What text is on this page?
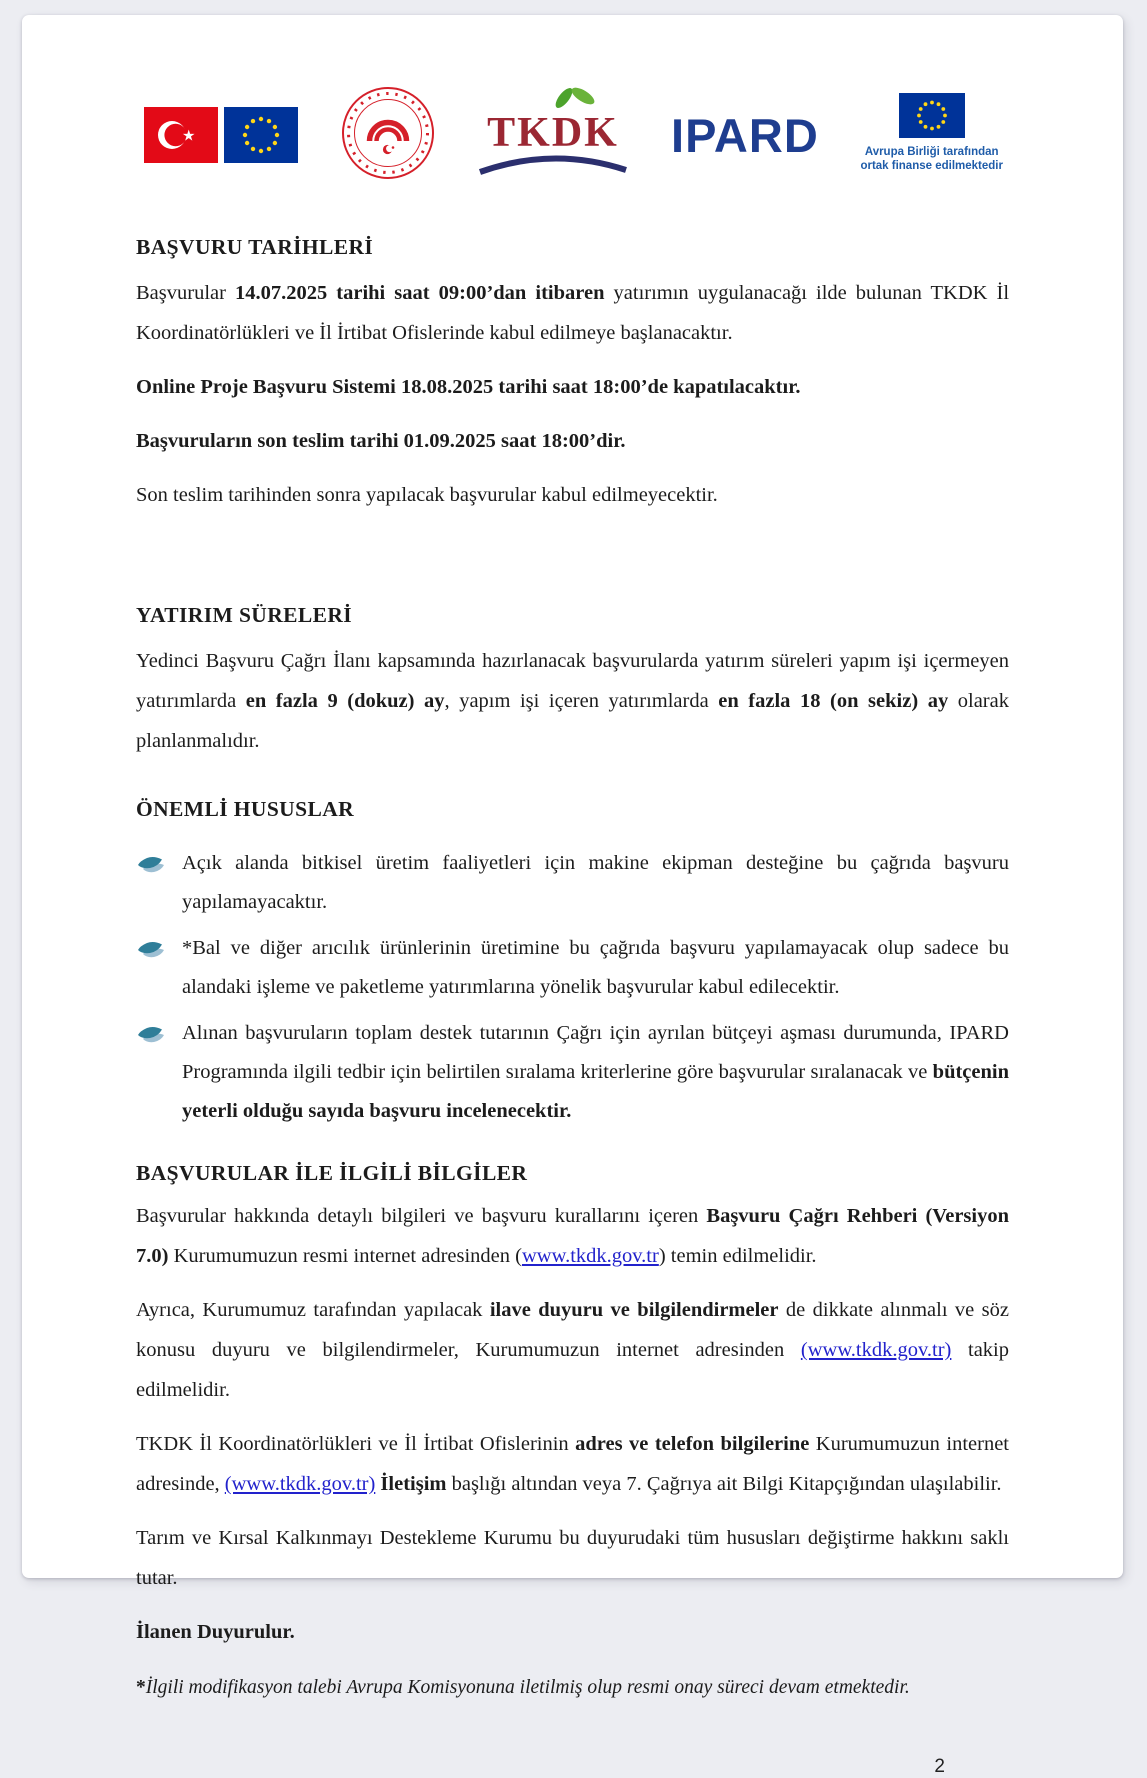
★	TKDK IPARD	Avrupa Birliği tarafından
ortak finanse edilmektedir
BAŞVURU TARİHLERİ

Başvurular 14.07.2025 tarihi saat 09:00’dan itibaren yatırımın uygulanacağı ilde bulunan TKDK İl Koordinatörlükleri ve İl İrtibat Ofislerinde kabul edilmeye başlanacaktır.

Online Proje Başvuru Sistemi 18.08.2025 tarihi saat 18:00’de kapatılacaktır.

Başvuruların son teslim tarihi 01.09.2025 saat 18:00’dir.

Son teslim tarihinden sonra yapılacak başvurular kabul edilmeyecektir.

YATIRIM SÜRELERİ

Yedinci Başvuru Çağrı İlanı kapsamında hazırlanacak başvurularda yatırım süreleri yapım işi içermeyen yatırımlarda en fazla 9 (dokuz) ay, yapım işi içeren yatırımlarda en fazla 18 (on sekiz) ay olarak planlanmalıdır.

ÖNEMLİ HUSUSLAR
Açık alanda bitkisel üretim faaliyetleri için makine ekipman desteğine bu çağrıda başvuru yapılamayacaktır.
*Bal ve diğer arıcılık ürünlerinin üretimine bu çağrıda başvuru yapılamayacak olup sadece bu alandaki işleme ve paketleme yatırımlarına yönelik başvurular kabul edilecektir.
Alınan başvuruların toplam destek tutarının Çağrı için ayrılan bütçeyi aşması durumunda, IPARD Programında ilgili tedbir için belirtilen sıralama kriterlerine göre başvurular sıralanacak ve bütçenin yeterli olduğu sayıda başvuru incelenecektir.
BAŞVURULAR İLE İLGİLİ BİLGİLER

Başvurular hakkında detaylı bilgileri ve başvuru kurallarını içeren Başvuru Çağrı Rehberi (Versiyon 7.0) Kurumumuzun resmi internet adresinden (www.tkdk.gov.tr) temin edilmelidir.

Ayrıca, Kurumumuz tarafından yapılacak ilave duyuru ve bilgilendirmeler de dikkate alınmalı ve söz konusu duyuru ve bilgilendirmeler, Kurumumuzun internet adresinden (www.tkdk.gov.tr) takip edilmelidir.

TKDK İl Koordinatörlükleri ve İl İrtibat Ofislerinin adres ve telefon bilgilerine Kurumumuzun internet adresinde, (www.tkdk.gov.tr) İletişim başlığı altından veya 7. Çağrıya ait Bilgi Kitapçığından ulaşılabilir.

Tarım ve Kırsal Kalkınmayı Destekleme Kurumu bu duyurudaki tüm hususları değiştirme hakkını saklı tutar.

İlanen Duyurulur.

*İlgili modifikasyon talebi Avrupa Komisyonuna iletilmiş olup resmi onay süreci devam etmektedir.
2
